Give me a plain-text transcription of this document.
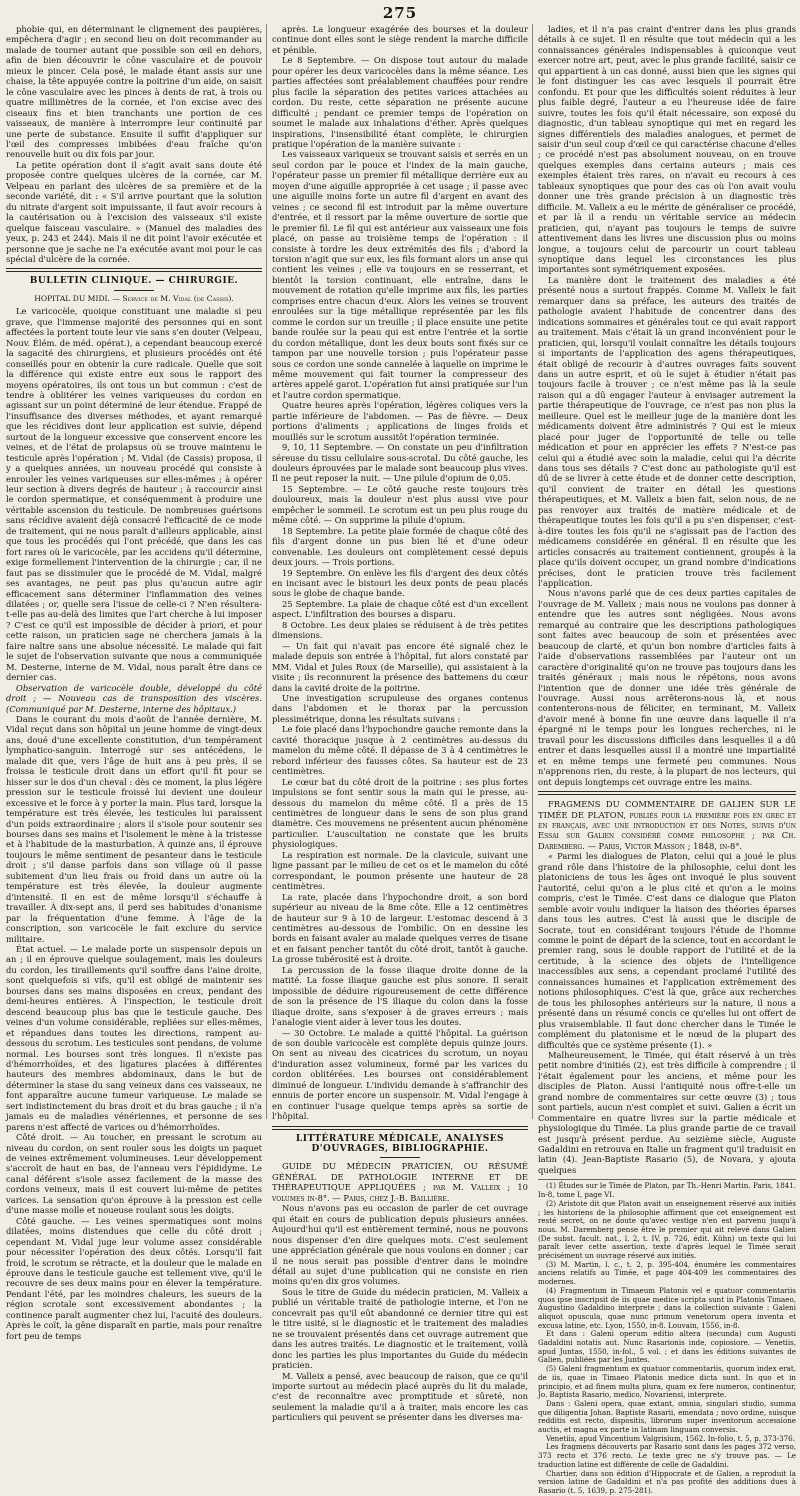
275

phobie qui, en déterminant le clignement des paupières, empêchera d'agir ; en second lieu on doit recommander au malade de tourner autant que possible son œil en dehors, afin de bien découvrir le cône vasculaire et de pouvoir mieux le pincer. Cela posé, le malade étant assis sur une chaise, la tête appuyée contre la poitrine d'un aide, on saisit le cône vasculaire avec les pinces à dents de rat, à trois ou quatre millimètres de la cornée, et l'on excise avec des ciseaux fins et bien tranchants une portion de ces vaisseaux, de manière à interrompre leur continuité par une perte de substance. Ensuite il suffit d'appliquer sur l'œil des compresses imbibées d'eau fraîche qu'on renouvelle huit ou dix fois par jour.

La petite opération dont il s'agit avait sans doute été proposée contre quelques ulcères de la cornée, car M. Velpeau en parlant des ulcères de sa première et de la seconde variété, dit : « S'il arrive pourtant que la solution du nitrate d'argent soit impuissante, il faut avoir recours à la cautérisation ou à l'excision des vaisseaux s'il existe quelque faisceau vasculaire. » (Manuel des maladies des yeux, p. 243 et 244). Mais il ne dit point l'avoir exécutée et personne que je sache ne l'a exécutée avant moi pour le cas spécial d'ulcère de la cornée.

BULLETIN CLINIQUE. — CHIRURGIE.
HOPITAL DU MIDI. — Service de M. Vidal (de Cassis).

Le varicocèle, quoique constituant une maladie si peu grave, que l'immense majorité des personnes qui en sont affectées la portent toute leur vie sans s'en douter (Velpeau, Nouv. Élém. de méd. opérat.), a cependant beaucoup exercé la sagacité des chirurgiens, et plusieurs procédés ont été conseillés pour en obtenir la cure radicale. Quelle que soit la différence qui existe entre eux sous le rapport des moyens opératoires, ils ont tous un but commun : c'est de tendre à oblitérer les veines variqueuses du cordon en agissant sur un point déterminé de leur étendue. Frappé de l'insuffisance des diverses méthodes, et ayant remarqué que les récidives dont leur application est suivie, dépend surtout de la longueur excessive que conservent encore les veines, et de l'état de prolapsus où se trouve maintenu le testicule après l'opération ; M. Vidal (de Cassis) proposa, il y a quelques années, un nouveau procédé qui consiste à enrouler les veines variqueuses sur elles-mêmes ; à opérer leur section à divers degrés de hauteur ; à raccourcir ainsi le cordon spermatique, et conséquemment à produire une véritable ascension du testicule. De nombreuses guérisons sans récidive avaient déjà consacré l'efficacité de ce mode de traitement, qui ne nous paraît d'ailleurs applicable, ainsi que tous les procédés qui l'ont précédé, que dans les cas fort rares où le varicocèle, par les accidens qu'il détermine, exige formellement l'intervention de la chirurgie ; car, il ne faut pas se dissimuler que le procédé de M. Vidal, malgré ses avantages, ne peut pas plus qu'aucun autre agir efficacement sans déterminer l'inflammation des veines dilatées ; or, quelle sera l'issue de celle-ci ? N'en résultera-t-elle pas au-delà des limites que l'art cherche à lui imposer ? C'est ce qu'il est impossible de décider à priori, et pour cette raison, un praticien sage ne cherchera jamais à la faire naître sans une absolue nécessité. Le malade qui fait le sujet de l'observation suivante que nous a communiquée M. Desterne, interne de M. Vidal, nous paraît être dans ce dernier cas.

Observation de varicocèle double, développé du côté droit ; — Nouveau cas de transposition des viscères. (Communiqué par M. Desterne, interne des hôpitaux.)

Dans le courant du mois d'août de l'année dernière, M. Vidal reçut dans son hôpital un jeune homme de vingt-deux ans, doué d'une excellente constitution, d'un tempérament lymphatico-sanguin. Interrogé sur ses antécédens, le malade dit que, vers l'âge de huit ans à peu près, il se froissa le testicule droit dans un effort qu'il fit pour se hisser sur le dos d'un cheval : dès ce moment, la plus légère pression sur le testicule froissé lui devient une douleur excessive et le force à y porter la main. Plus tard, lorsque la température est très élevée, les testicules lui paraissent d'un poids extraordinaire ; alors il s'isole pour soutenir ses bourses dans ses mains et l'isolement le mène à la tristesse et à l'habitude de la masturbation. À quinze ans, il éprouve toujours le même sentiment de pesanteur dans le testicule droit ; s'il danse parfois dans son village où il passe subitement d'un lieu frais ou froid dans un autre où la température est très élevée, la douleur augmente d'intensité. Il en est de même lorsqu'il s'échauffe à travailler. À dix-sept ans, il perd ses habitudes d'onanisme par la fréquentation d'une femme. À l'âge de la conscription, son varicocèle le fait exclure du service militaire.

État actuel. — Le malade porte un suspensoir depuis un an ; il en éprouve quelque soulagement, mais les douleurs du cordon, les tiraillements qu'il souffre dans l'aine droite, sont quelquefois si vifs, qu'il est obligé de maintenir ses bourses dans ses mains disposées en creux, pendant des demi-heures entières. À l'inspection, le testicule droit descend beaucoup plus bas que le testicule gauche. Des veines d'un volume considérable, repliées sur elles-mêmes, et répandues dans toutes les directions, rampent au-dessous du scrotum. Les testicules sont pendans, de volume normal. Les bourses sont très longues. Il n'existe pas d'hémorrhoïdes, et des ligatures placées à différentes hauteurs des membres abdominaux, dans le but de déterminer la stase du sang veineux dans ces vaisseaux, ne font apparaître aucune tumeur variqueuse. Le malade se sert indistinctement du bras droit et du bras gauche ; il n'a jamais eu de maladies vénériennes, et personne de ses parens n'est affecté de varices ou d'hémorrhoïdes.

Côté droit. — Au toucher, en pressant le scrotum au niveau du cordon, on sent rouler sous les doigts un paquet de veines extrêmement volumineuses. Leur développement s'accroît de haut en bas, de l'anneau vers l'épididyme. Le canal déférent s'isole assez facilement de la masse des cordons veineux, mais il est couvert lui-même de petites varices. La sensation qu'on éprouve à la pression est celle d'une masse molle et noueuse roulant sous les doigts.

Côté gauche. — Les veines spermatiques sont moins dilatées, moins distendues que celle du côté droit ; cependant M. Vidal juge leur volume assez considérable pour nécessiter l'opération des deux côtés. Lorsqu'il fait froid, le scrotum se rétracte, et la douleur que le malade en éprouve dans le testicule gauche est tellement vive, qu'il le recouvre de ses deux mains pour en élever la température. Pendant l'été, par les moindres chaleurs, les sueurs de la région scrotale sont excessivement abondantes ; la continence paraît augmenter chez lui, l'acuité des douleurs. Après le coït, la gêne disparaît en partie, mais pour renaître fort peu de temps

après. La longueur exagérée des bourses et la douleur continue dont elles sont le siège rendent la marche difficile et pénible.

Le 8 Septembre. — On dispose tout autour du malade pour opérer les deux varicocèles dans la même séance. Les parties affectées sont préalablement chauffées pour rendre plus facile la séparation des petites varices attachées au cordon. Du reste, cette séparation ne présente aucune difficulté ; pendant ce premier temps de l'opération on soumet le malade aux inhalations d'éther. Après quelques inspirations, l'insensibilité étant complète, le chirurgien pratique l'opération de la manière suivante :

Les vaisseaux variqueux se trouvant saisis et serrés en un seul cordon par le pouce et l'index de la main gauche, l'opérateur passe un premier fil métallique derrière eux au moyen d'une aiguille appropriée à cet usage ; il passe avec une aiguille moins forte un autre fil d'argent en avant des veines ; ce second fil est introduit par la même ouverture d'entrée, et il ressort par la même ouverture de sortie que le premier fil. Le fil qui est antérieur aux vaisseaux une fois placé, on passe au troisième temps de l'opération : il consiste à tordre les deux extrémités des fils ; d'abord la torsion n'agit que sur eux, les fils formant alors un anse qui contient les veines ; elle va toujours en se resserrant, et bientôt la torsion continuant, elle entraîne, dans le mouvement de rotation qu'elle imprime aux fils, les parties comprises entre chacun d'eux. Alors les veines se trouvent enroulées sur la tige métallique représentée par les fils comme le cordon sur un treuille ; il place ensuite une petite bande roulée sur la peau qui est entre l'entrée et la sortie du cordon métallique, dont les deux bouts sont fixés sur ce tampon par une nouvelle torsion ; puis l'opérateur passe sous ce cordon une sonde cannelée à laquelle on imprime le même mouvement qui fait tourner la compresseur des artères appelé garot. L'opération fut ainsi pratiquée sur l'un et l'autre cordon spermatique.

Quatre heures après l'opération, légères coliques vers la partie inférieure de l'abdomen. — Pas de fièvre. — Deux portions d'aliments ; applications de linges froids et mouillés sur le scrotum aussitôt l'opération terminée.

9, 10, 11 Septembre. — On constate un peu d'infiltration séreuse du tissu cellulaire sous-scrotal. Du côté gauche, les douleurs éprouvées par le malade sont beaucoup plus vives. Il ne peut reposer la nuit. — Une pilule d'opium de 0,05.

15 Septembre. — Le côté gauche reste toujours très douloureux, mais la douleur n'est plus aussi vive pour empêcher le sommeil. Le scrotum est un peu plus rouge du même côté. — On supprime la pilule d'opium.

18 Septembre. La petite plaie formée de chaque côté des fils d'argent donne un pus bien lié et d'une odeur convenable. Les douleurs ont complètement cessé depuis deux jours. — Trois portions.

19 Septembre. On enlève les fils d'argent des deux côtés en incisant avec le bistouri les deux ponts de peau placés sous le globe de chaque bande.

25 Septembre. La plaie de chaque côté est d'un excellent aspect. L'infiltration des bourses a disparu.

8 Octobre. Les deux plaies se réduisent à de très petites dimensions.

— Un fait qui n'avait pas encore été signalé chez le malade depuis son entrée à l'hôpital, fut alors constaté par MM. Vidal et Jules Roux (de Marseille), qui assistaient à la visite ; ils reconnurent la présence des battemens du cœur dans la cavité droite de la poitrine.

Une investigation scrupuleuse des organes contenus dans l'abdomen et le thorax par la percussion plessimétrique, donna les résultats suivans :

Le foie placé dans l'hypochondre gauche remonte dans la cavité thoracique jusque à 2 centimètres au-dessus du mamelon du même côté. Il dépasse de 3 à 4 centimètres le rebord inférieur des fausses côtes. Sa hauteur est de 23 centimètres.

Le cœur bat du côté droit de la poitrine : ses plus fortes impulsions se font sentir sous la main qui le presse, au-dessous du mamelon du même côté. Il a près de 15 centimètres de longueur dans le sens de son plus grand diamètre. Ces mouvemens ne présentent aucun phénomène particulier. L'auscultation ne constate que les bruits physiologiques.

La respiration est normale. De la clavicule, suivant une ligne passant par le milieu de cet os et le mamelon du côté correspondant, le poumon présente une hauteur de 28 centimètres.

La rate, placée dans l'hypochondre droit, a son bord supérieur au niveau de la 8me côte. Elle a 12 centimètres de hauteur sur 9 à 10 de largeur. L'estomac descend à 3 centimètres au-dessous de l'ombilic. On en dessine les bords en faisant avaler au malade quelques verres de tisane et en faisant pencher tantôt du côté droit, tantôt à gauche. La grosse tubérosité est à droite.

La percussion de la fosse iliaque droite donne de la matité. La fosse iliaque gauche est plus sonore. Il serait impossible de déduire rigoureusement de cette différence de son la présence de l'S iliaque du colon dans la fosse iliaque droite, sans s'exposer à de graves erreurs ; mais l'analogie vient aider à lever tous les doutes.

— 30 Octobre. Le malade a quitté l'hôpital. La guérison de son double varicocèle est complète depuis quinze jours. On sent au niveau des cicatrices du scrotum, un noyau d'induration assez volumineux, formé par les varices du cordon oblitérées. Les bourses ont considérablement diminué de longueur. L'individu demande à s'affranchir des ennuis de porter encore un suspensoir. M. Vidal l'engage à en continuer l'usage quelque temps après sa sortie de l'hôpital.

LITTÉRATURE MÉDICALE, ANALYSES D'OUVRAGES, BIBLIOGRAPHIE.

GUIDE DU MÉDECIN PRATICIEN, OU RÉSUMÉ GÉNÉRAL DE PATHOLOGIE INTERNE ET DE THÉRAPEUTIQUE APPLIQUÉES ; par M. Valleix ; 10 volumes in-8°. — Paris, chez J.-B. Baillière.

Nous n'avons pas eu occasion de parler de cet ouvrage qui était en cours de publication depuis plusieurs années. Aujourd'hui qu'il est entièrement terminé, nous ne pouvons nous dispenser d'en dire quelques mots. C'est seulement une appréciation générale que nous voulons en donner ; car il ne nous serait pas possible d'entrer dans le moindre détail au sujet d'une publication qui ne consiste en rien moins qu'en dix gros volumes.

Sous le titre de Guide du médecin praticien, M. Valleix a publié un véritable traité de pathologie interne, et l'on ne concevrait pas qu'il eût abandonné ce dernier titre qui est le titre usité, si le diagnostic et le traitement des maladies ne se trouvaient présentés dans cet ouvrage autrement que dans les autres traités. Le diagnostic et le traitement, voilà donc les parties les plus importantes du Guide du médecin praticien.

M. Valleix a pensé, avec beaucoup de raison, que ce qu'il importe surtout au médecin placé auprès du lit du malade, c'est de reconnaître avec promptitude et sûreté, non seulement la maladie qu'il a à traiter, mais encore les cas particuliers qui peuvent se présenter dans les diverses ma-

ladies, et il n'a pas craint d'entrer dans les plus grands détails à ce sujet. Il en résulte que tout médecin qui a les connaissances générales indispensables à quiconque veut exercer notre art, peut, avec le plus grande facilité, saisir ce qui appartient à un cas donné, aussi bien que les signes qui le font distinguer les cas avec lesquels il pourrait être confondu. Et pour que les difficultés soient réduites à leur plus faible degré, l'auteur a eu l'heureuse idée de faire suivre, toutes les fois qu'il était nécessaire, son exposé du diagnostic, d'un tableau synoptique qui met en regard les signes différentiels des maladies analogues, et permet de saisir d'un seul coup d'œil ce qui caractérise chacune d'elles ; ce procédé n'est pas absolument nouveau, on en trouve quelques exemples dans certains auteurs ; mais ces exemples étaient très rares, on n'avait eu recours à ces tableaux synoptiques que pour des cas où l'on avait voulu donner une très grande précision à un diagnostic très difficile. M. Valleix a eu le mérite de généraliser ce procédé, et par là il a rendu un véritable service au médecin praticien, qui, n'ayant pas toujours le temps de suivre attentivement dans les livres une discussion plus ou moins longue, a toujours celui de parcourir un court tableau synoptique dans lequel les circonstances les plus importantes sont symétriquement exposées.

La manière dont le traitement des maladies a été présenté nous a surtout frappés. Comme M. Valleix le fait remarquer dans sa préface, les auteurs des traités de pathologie avaient l'habitude de concentrer dans des indications sommaires et générales tout ce qui avait rapport au traitement. Mais c'était là un grand inconvénient pour le praticien, qui, lorsqu'il voulait connaître les détails toujours si importants de l'application des agens thérapeutiques, était obligé de recourir à d'autres ouvrages faits souvent dans un autre esprit, et où le sujet à étudier n'était pas toujours facile à trouver ; ce n'est même pas là la seule raison qui a dû engager l'auteur à envisager autrement la partie thérapeutique de l'ouvrage, ce n'est pas non plus la meilleure. Quel est le meilleur juge de la manière dont les médicaments doivent être administrés ? Qui est le mieux placé pour juger de l'opportunité de telle ou telle médication et pour en apprécier les effets ? N'est-ce pas celui qui a étudié avec soin la maladie, celui qui l'a décrite dans tous ses détails ? C'est donc au pathologiste qu'il est dû de se livrer à cette étude et de donner cette description, qu'il convient de traiter en détail les questions thérapeutiques, et M. Valleix a bien fait, selon nous, de ne pas renvoyer aux traités de matière médicale et de thérapeutique toutes les fois qu'il a pu s'en dispenser, c'est-à-dire toutes les fois qu'il ne s'agissait pas de l'action des médicamens considérée en général. Il en résulte que les articles consacrés au traitement contiennent, groupés à la place qu'ils doivent occuper, un grand nombre d'indications précises, dont le praticien trouve très facilement l'application.

Nous n'avons parlé que de ces deux parties capitales de l'ouvrage de M. Valleix ; mais nous ne voulons pas donner à entendre que les autres sont négligées. Nous avons remarqué au contraire que les descriptions pathologiques sont faites avec beaucoup de soin et présentées avec beaucoup de clarté, et qu'un bon nombre d'articles faits à l'aide d'observations rassemblées par l'auteur ont un caractère d'originalité qu'on ne trouve pas toujours dans les traités généraux ; mais nous le répétons, nous avons l'intention que de donner une idée très générale de l'ouvrage. Aussi nous arrêterons-nous là, et nous contenterons-nous de féliciter, en terminant, M. Valleix d'avoir mené à bonne fin une œuvre dans laquelle il n'a épargné ni le temps pour les longues recherches, ni le travail pour les discussions difficiles dans lesquelles il a dû entrer et dans lesquelles aussi il a montré une impartialité et en même temps une fermeté peu communes. Nous n'apprenons rien, du reste, à la plupart de nos lecteurs, qui ont depuis longtemps cet ouvrage entre les mains.

FRAGMENS DU COMMENTAIRE DE GALIEN SUR LE TIMÉE DE PLATON, publiés pour la première fois en grec et en français, avec une introduction et des Notes, suivis d'un Essai sur Galien considéré comme philosophe ; par Ch. Daremberg. — Paris, Victor Masson ; 1848, in-8°.

« Parmi les dialogues de Platon, celui qui a joué le plus grand rôle dans l'histoire de la philosophie, celui dont les platoniciens de tous les âges ont invoqué le plus souvent l'autorité, celui qu'on a le plus cité et qu'on a le moins compris, c'est le Timée. C'est dans ce dialogue que Platon semble avoir voulu indiquer la liaison des théories éparses dans tous les autres. C'est là aussi que le disciple de Socrate, tout en considérant toujours l'étude de l'homme comme le point de départ de la science, tout en accordant le premier rang, sous le double rapport de l'utilité et de la certitude, à la science des objets de l'intelligence inaccessibles aux sens, a cependant proclamé l'utilité des connaissances humaines et l'application extrêmement des notions philosophiques. C'est là que, grâce aux recherches de tous les philosophes antérieurs sur la nature, il nous a présenté dans un résumé concis ce qu'elles lui ont offert de plus vraisemblable. Il faut donc chercher dans le Timée le complément du platonisme et le nœud de la plupart des difficultés que ce système présente (1). »

Malheureusement, le Timée, qui était réservé à un très petit nombre d'initiés (2), est très difficile à comprendre ; il l'était également pour les anciens, et même pour les disciples de Platon. Aussi l'antiquité nous offre-t-elle un grand nombre de commentaires sur cette œuvre (3) ; tous sont partiels, aucun n'est complet et suivi. Galien a écrit un Commentaire en quatre livres sur la partie médicale et physiologique du Timée. La plus grande partie de ce travail est jusqu'à présent perdue. Au seizième siècle, Auguste Gadaldini en retrouva en Italie un fragment qu'il traduisit en latin (4). Jean-Baptiste Rasario (5), de Novara, y ajouta quelques

(1) Études sur le Timée de Platon, par Th.-Henri Martin. Paris, 1841. In-8, tome I, page VI.

(2) Aristote dit que Platon avait un enseignement réservé aux initiés ; les historiens de la philosophie affirment que cet enseignement est resté secret, on ne doute qu'avec vestige n'en est parvenu jusqu'à nous. M. Daremberg pense être le premier qui ait relevé dans Galien (De subst. facult. nat., l. 2, t. IV, p. 726, édit. Kühn) un texte qui lui paraît lever cette assertion, texte d'après lequel le Timée serait précisément un ouvrage réservé aux initiés.

(3) M. Martin, l. c., t. 2, p. 395-404, énumère les commentaires anciens relatifs au Timée, et page 404-409 les commentaires des modernes.

(4) Fragmentum in Timaeum Platonis vel e quatuor commentariis quos ipse inscripsit de iis quae medice scripta sunt in Platonis Timaeo, Augustino Gadaldino interprete ; dans la collection suivante : Galeni aliquot opuscula, quae nunc primum venetorum opera inventa et excusa latine, etc. Lyon, 1550, in-8. Louvain, 1556, in-8.

Et dans : Galeni operum editio altera (secunda) cum Augusti Gadaldini notatis aut. Nunc Rasarionis inde, copiosiore. — Venetiis, apud Juntas, 1550, in-fol., 5 vol. ; et dans les éditions suivantes de Galien, publiées par les Juntes.

(5) Galeni fragmentum ex quatuor commentariis, quorum index erat, de iis, quae in Timaeo Platonis medice dicta sunt. In quo et in principio, et ad finem multa plura, quam ex fere numeros, continentur, Jo. Baptista Rasario, medico, Novariensi, interprete.

Dans : Galeni opera, quae extant, omnia, singulari studio, summa que diligentia Johan. Baptiste Rasarii, emendata ; novo ordine, suisque redditis est recto, dispositis, librorum super inventorum accessione auctis, et magna ex parte in latinam linguam conversis.

Venetiis, apud Vincentium Valgrisium, 1562. In-folio, t. 5, p. 373-376.

Les fragmens découverts par Rasario sont dans les pages 372 verso, 373 recto et 376 recto. Le texte grec ne s'y trouve pas. — Le traduction latine est différente de celle de Gadaldini.

Chartier, dans son édition d'Hippocrate et de Galien, a reproduit la version latine de Gadaldini et n'a pas profité des additions dues à Rasario (t. 5, 1639, p. 275-281).
